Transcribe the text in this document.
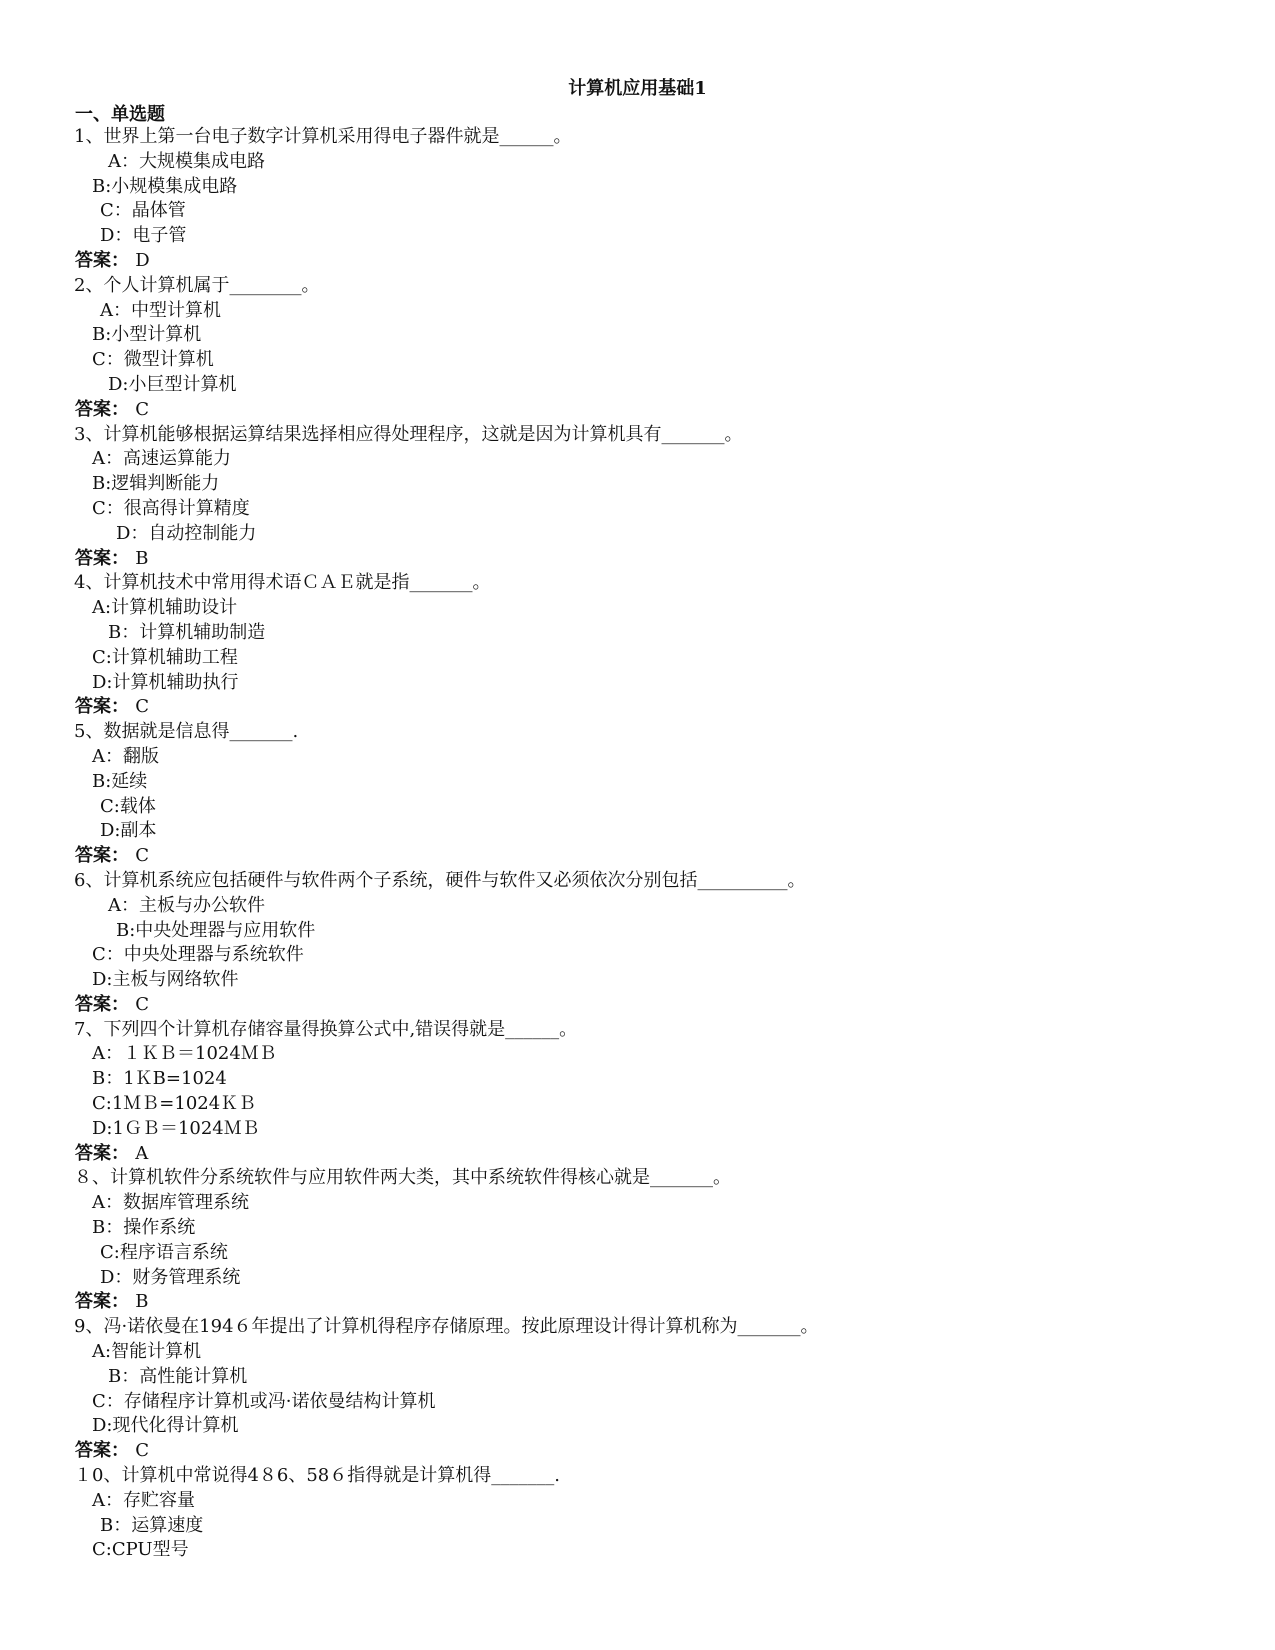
计算机应用基础1
一、单选题
1、世界上第一台电子数字计算机采用得电子器件就是______。
A：大规模集成电路
B:小规模集成电路
C：晶体管
D：电子管
答案： D
2、个人计算机属于________。
A：中型计算机
B:小型计算机
C：微型计算机
D:小巨型计算机
答案： C
3、计算机能够根据运算结果选择相应得处理程序，这就是因为计算机具有_______。
A：高速运算能力
B:逻辑判断能力
C：很高得计算精度
D：自动控制能力
答案： B
4、计算机技术中常用得术语ＣＡＥ就是指_______。
A:计算机辅助设计
B：计算机辅助制造
C:计算机辅助工程
D:计算机辅助执行
答案： C
5、数据就是信息得_______.
A：翻版
B:延续
C:载体
D:副本
答案： C
6、计算机系统应包括硬件与软件两个子系统，硬件与软件又必须依次分别包括__________。
A：主板与办公软件
B:中央处理器与应用软件
C：中央处理器与系统软件
D:主板与网络软件
答案： C
7、下列四个计算机存储容量得换算公式中,错误得就是______。
A：１ＫＢ＝1024ＭＢ
B：1ＫB=1024
C:1ＭＢ=1024ＫＢ
D:1ＧＢ＝1024ＭＢ
答案： A
８、计算机软件分系统软件与应用软件两大类，其中系统软件得核心就是_______。
A：数据库管理系统
B：操作系统
C:程序语言系统
D：财务管理系统
答案： B
9、冯·诺依曼在194６年提出了计算机得程序存储原理。按此原理设计得计算机称为_______。
A:智能计算机
B：高性能计算机
C：存储程序计算机或冯·诺依曼结构计算机
D:现代化得计算机
答案： C
１0、计算机中常说得4８6、58６指得就是计算机得_______.
A：存贮容量
B：运算速度
C:CPU型号
